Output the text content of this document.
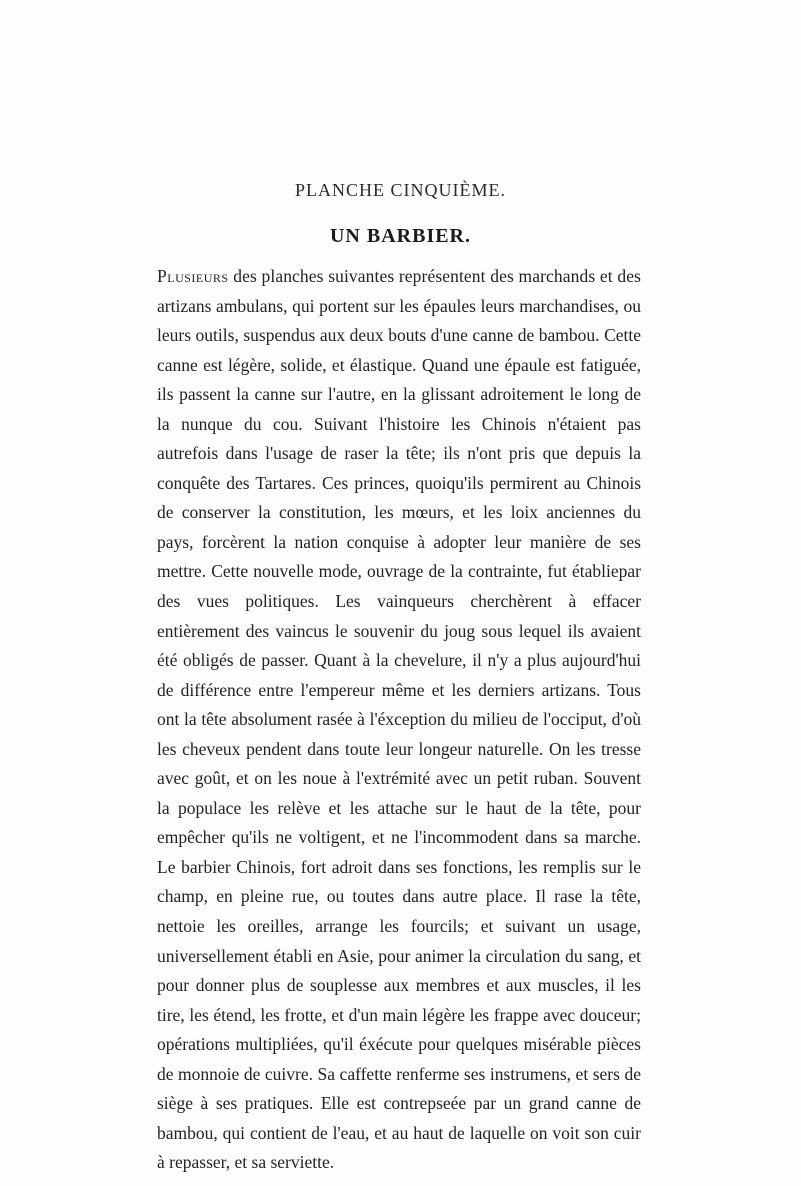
PLANCHE CINQUIÈME.
UN BARBIER.

Plusieurs des planches suivantes représentent des marchands et des artizans ambulans, qui portent sur les épaules leurs marchandises, ou leurs outils, suspendus aux deux bouts d'une canne de bambou. Cette canne est légère, solide, et élastique. Quand une épaule est fatiguée, ils passent la canne sur l'autre, en la glissant adroitement le long de la nunque du cou. Suivant l'histoire les Chinois n'étaient pas autrefois dans l'usage de raser la tête; ils n'ont pris que depuis la conquête des Tartares. Ces princes, quoiqu'ils permirent au Chinois de conserver la constitution, les mœurs, et les loix anciennes du pays, forcèrent la nation conquise à adopter leur manière de ses mettre. Cette nouvelle mode, ouvrage de la contrainte, fut établiepar des vues politiques. Les vainqueurs cherchèrent à effacer entièrement des vaincus le souvenir du joug sous lequel ils avaient été obligés de passer. Quant à la chevelure, il n'y a plus aujourd'hui de différence entre l'empereur même et les derniers artizans. Tous ont la tête absolument rasée à l'éxception du milieu de l'occiput, d'où les cheveux pendent dans toute leur longeur naturelle. On les tresse avec goût, et on les noue à l'extrémité avec un petit ruban. Souvent la populace les relève et les attache sur le haut de la tête, pour empêcher qu'ils ne voltigent, et ne l'incommodent dans sa marche. Le barbier Chinois, fort adroit dans ses fonctions, les remplis sur le champ, en pleine rue, ou toutes dans autre place. Il rase la tête, nettoie les oreilles, arrange les fourcils; et suivant un usage, universellement établi en Asie, pour animer la circulation du sang, et pour donner plus de souplesse aux membres et aux muscles, il les tire, les étend, les frotte, et d'un main légère les frappe avec douceur; opérations multipliées, qu'il éxécute pour quelques misérable pièces de monnoie de cuivre. Sa caffette renferme ses instrumens, et sers de siège à ses pratiques. Elle est contrepseée par un grand canne de bambou, qui contient de l'eau, et au haut de laquelle on voit son cuir à repasser, et sa serviette.
